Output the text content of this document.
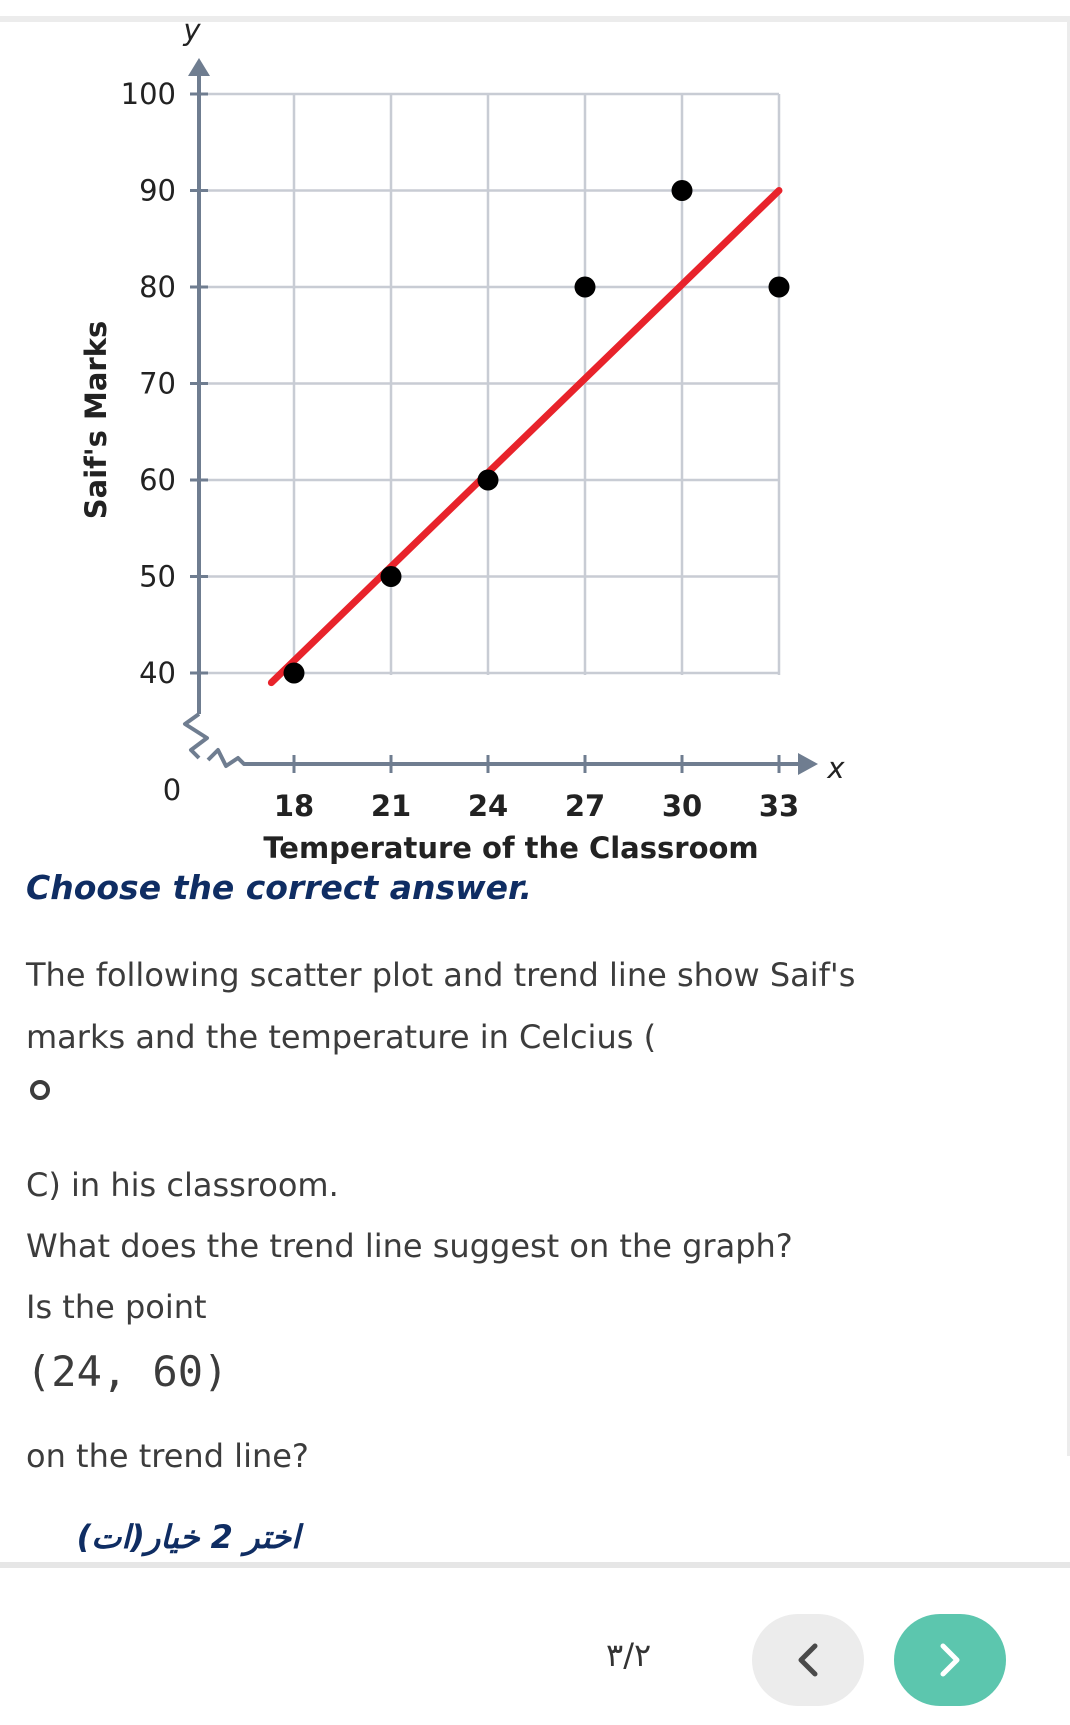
40
50
60
70
80
90
100
18 21 24 27 30 33
0
y
x
Temperature of the Classroom
Saif's Marks
Choose the correct answer.
The following scatter plot and trend line show Saif's
marks and the temperature in Celcius (
C) in his classroom.
What does the trend line suggest on the graph?
Is the point
(24, 60)
on the trend line?
اختر 2 خيار(ات)
٣/٢
